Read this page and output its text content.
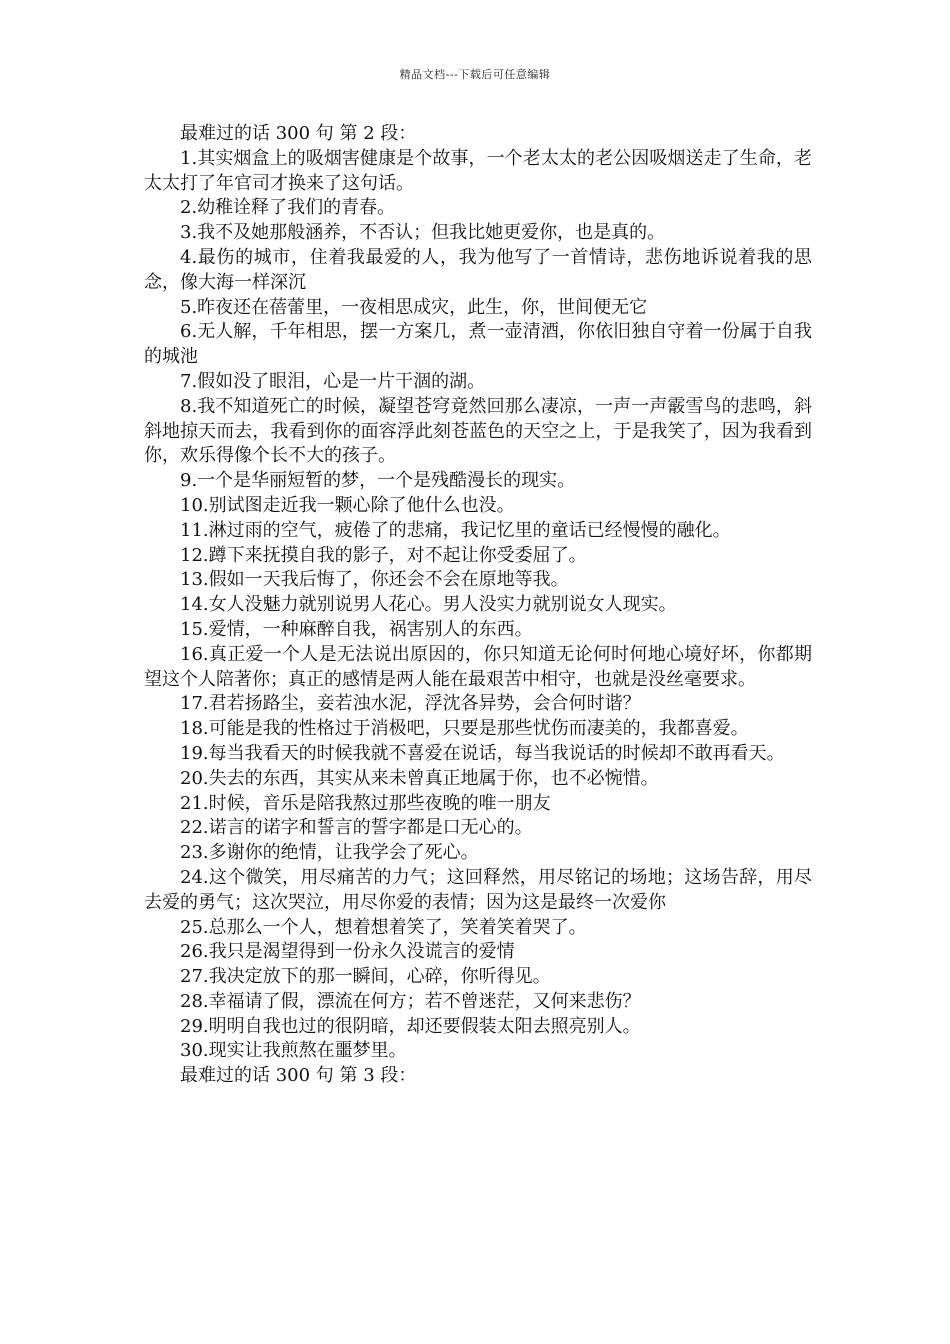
精品文档---下载后可任意编辑

最难过的话 300 句 第 2 段：

1.其实烟盒上的吸烟害健康是个故事，一个老太太的老公因吸烟送走了生命，老太太打了年官司才换来了这句话。

2.幼稚诠释了我们的青春。

3.我不及她那般涵养，不否认；但我比她更爱你，也是真的。

4.最伤的城市，住着我最爱的人，我为他写了一首情诗，悲伤地诉说着我的思念，像大海一样深沉

5.昨夜还在蓓蕾里，一夜相思成灾，此生，你，世间便无它

6.无人解，千年相思，摆一方案几，煮一壶清酒，你依旧独自守着一份属于自我的城池

7.假如没了眼泪，心是一片干涸的湖。

8.我不知道死亡的时候，凝望苍穹竟然回那么凄凉，一声一声霰雪鸟的悲鸣，斜斜地掠天而去，我看到你的面容浮此刻苍蓝色的天空之上，于是我笑了，因为我看到你，欢乐得像个长不大的孩子。

9.一个是华丽短暂的梦，一个是残酷漫长的现实。

10.别试图走近我一颗心除了他什么也没。

11.淋过雨的空气，疲倦了的悲痛，我记忆里的童话已经慢慢的融化。

12.蹲下来抚摸自我的影子，对不起让你受委屈了。

13.假如一天我后悔了，你还会不会在原地等我。

14.女人没魅力就别说男人花心。男人没实力就别说女人现实。

15.爱情，一种麻醉自我，祸害别人的东西。

16.真正爱一个人是无法说出原因的，你只知道无论何时何地心境好坏，你都期望这个人陪著你；真正的感情是两人能在最艰苦中相守，也就是没丝毫要求。

17.君若扬路尘，妾若浊水泥，浮沈各异势，会合何时谐？

18.可能是我的性格过于消极吧，只要是那些忧伤而凄美的，我都喜爱。

19.每当我看天的时候我就不喜爱在说话，每当我说话的时候却不敢再看天。

20.失去的东西，其实从来未曾真正地属于你，也不必惋惜。

21.时候，音乐是陪我熬过那些夜晚的唯一朋友

22.诺言的诺字和誓言的誓字都是口无心的。

23.多谢你的绝情，让我学会了死心。

24.这个微笑，用尽痛苦的力气；这回释然，用尽铭记的场地；这场告辞，用尽去爱的勇气；这次哭泣，用尽你爱的表情；因为这是最终一次爱你

25.总那么一个人，想着想着笑了，笑着笑着哭了。

26.我只是渴望得到一份永久没谎言的爱情

27.我决定放下的那一瞬间，心碎，你听得见。

28.幸福请了假，漂流在何方；若不曾迷茫，又何来悲伤？

29.明明自我也过的很阴暗，却还要假装太阳去照亮别人。

30.现实让我煎熬在噩梦里。

最难过的话 300 句 第 3 段：
